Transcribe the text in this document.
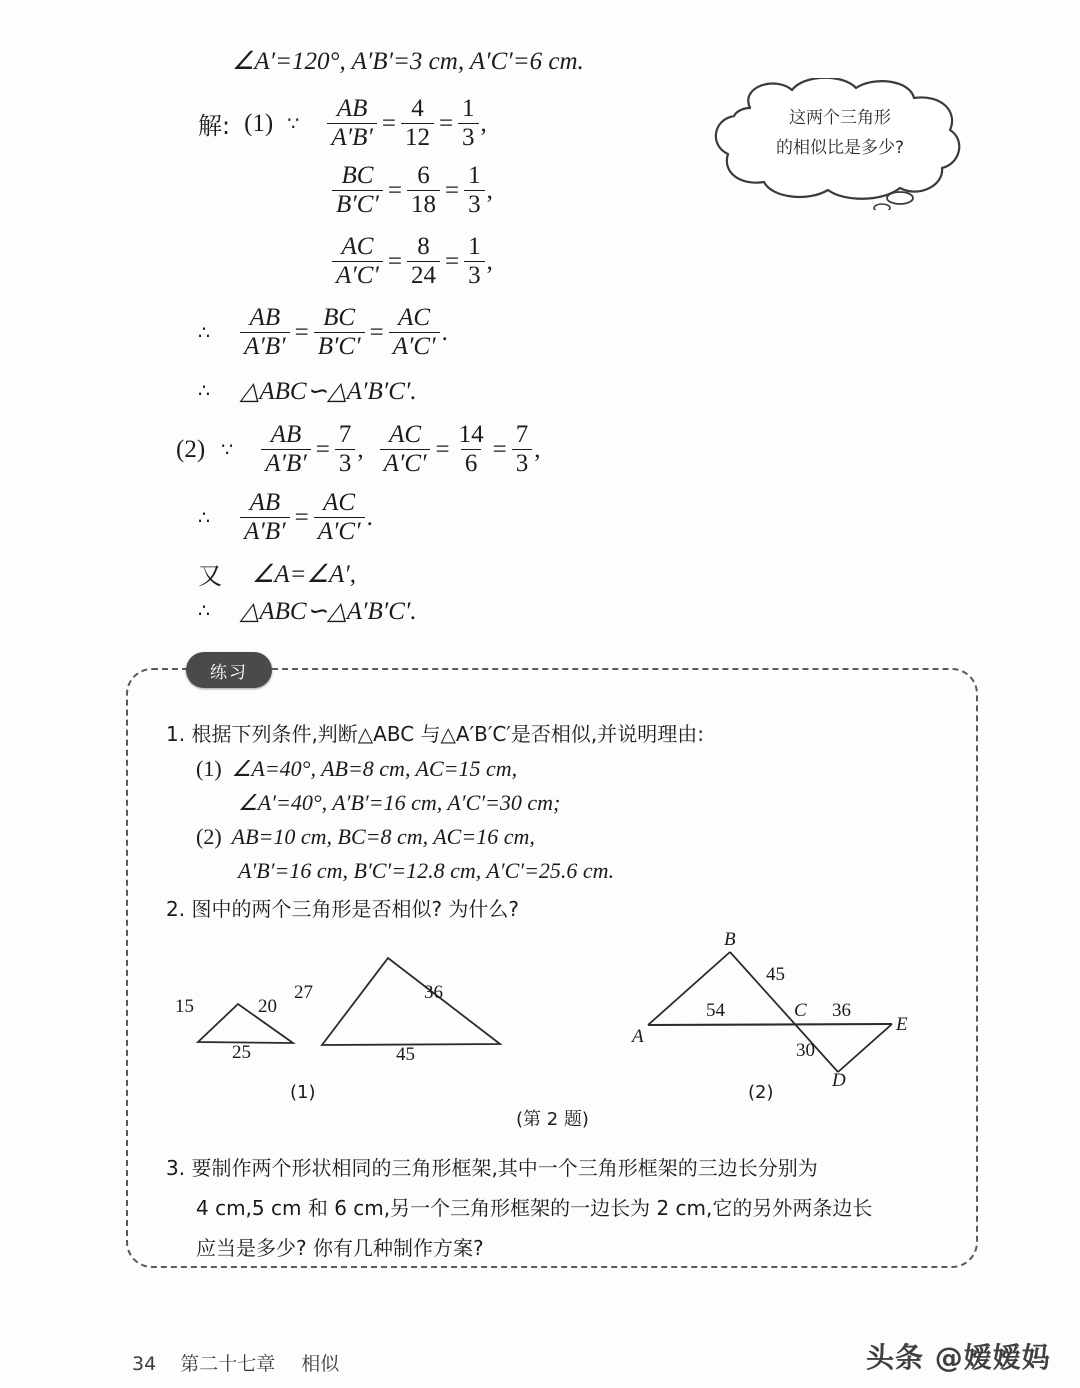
∠A′=120°, A′B′=3 cm, A′C′=6 cm.
解: (1) ∵ $\frac{AB}{A'B'} = \frac{4}{12} = \frac{1}{3}$ ,
$\frac{BC}{B'C'} = \frac{6}{18} = \frac{1}{3}$ ,
$\frac{AC}{A'C'} = \frac{8}{24} = \frac{1}{3}$ ,
∴ $\frac{AB}{A'B'} = \frac{BC}{B'C'} = \frac{AC}{A'C'}$ .
∴ △ABC∽△A′B′C′.
(2) ∵ $\frac{AB}{A'B'} = \frac{7}{3}$ , $\frac{AC}{A'C'} = \frac{14}{6} = \frac{7}{3}$ ,
∴ $\frac{AB}{A'B'} = \frac{AC}{A'C'}$ .
又 ∠A=∠A′,
∴ △ABC∽△A′B′C′.
这两个三角形
的相似比是多少?
练习
1. 根据下列条件,判断△ABC 与△A′B′C′是否相似,并说明理由:
(1) ∠A=40°, AB=8 cm, AC=15 cm,
∠A′=40°, A′B′=16 cm, A′C′=30 cm;
(2) AB=10 cm, BC=8 cm, AC=16 cm,
A′B′=16 cm, B′C′=12.8 cm, A′C′=25.6 cm.
2. 图中的两个三角形是否相似? 为什么?
15	20
25
27	36
45
(1)
A
B
C
D
E
54
45
36
30
(2)
(第 2 题)
3. 要制作两个形状相同的三角形框架,其中一个三角形框架的三边长分别为
4 cm,5 cm 和 6 cm,另一个三角形框架的一边长为 2 cm,它的另外两条边长
应当是多少? 你有几种制作方案?
34 第二十七章 相似	头条 @嫒嫒妈
